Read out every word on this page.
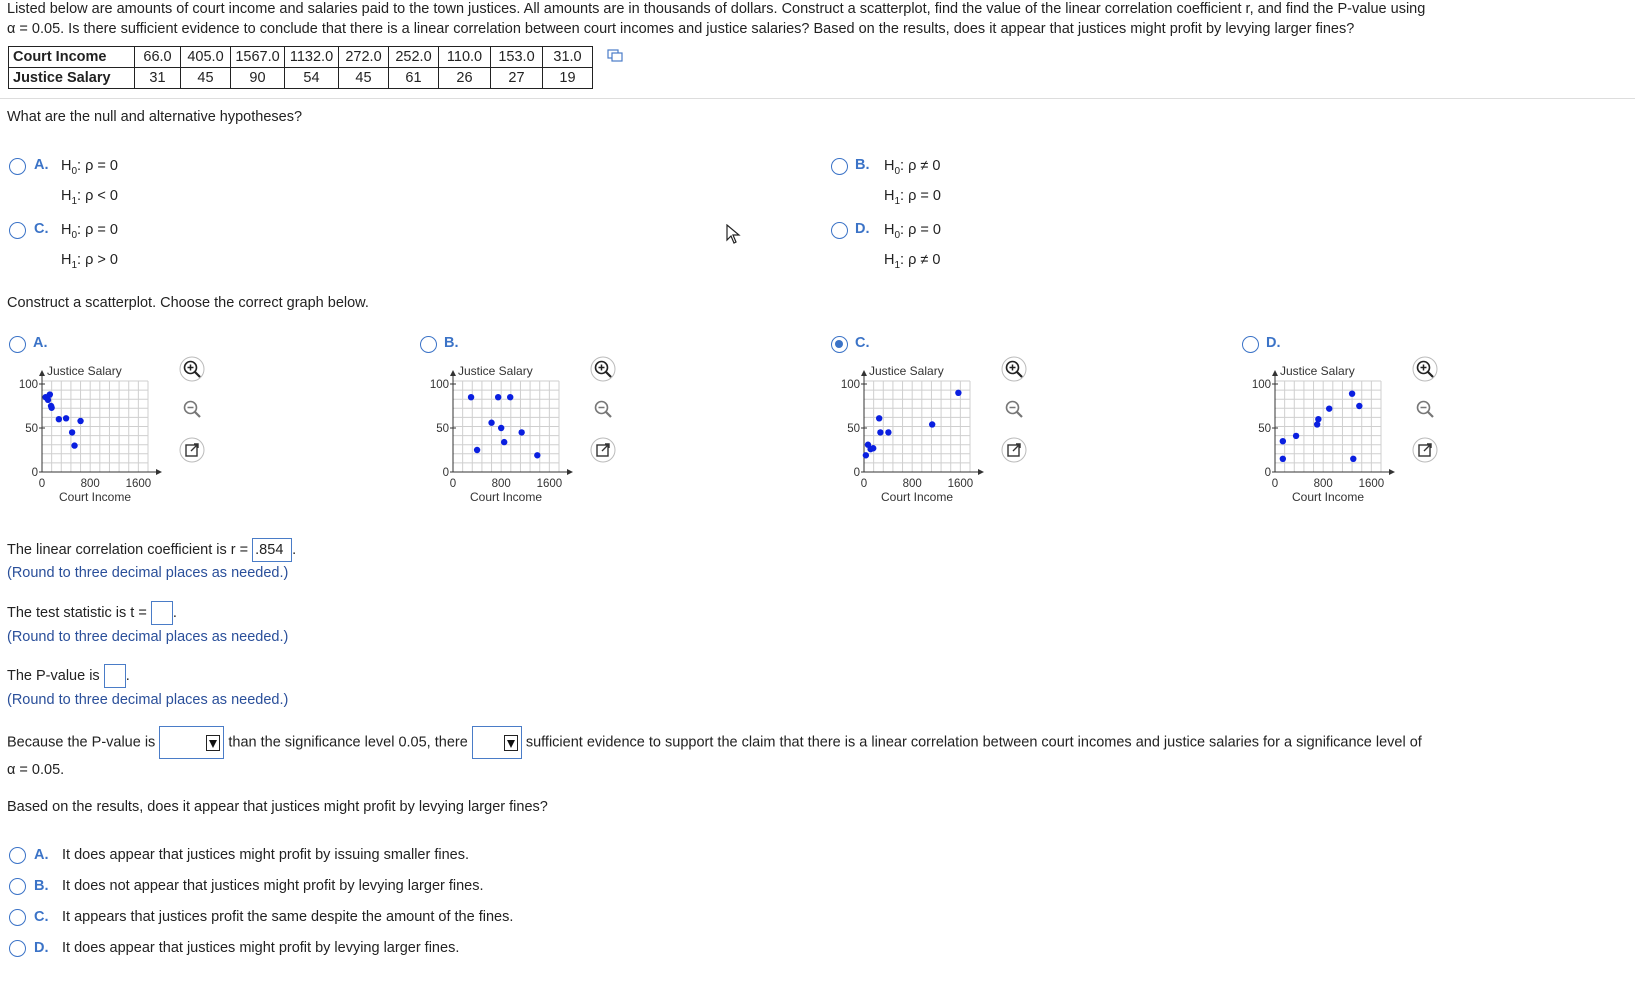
Listed below are amounts of court income and salaries paid to the town justices. All amounts are in thousands of dollars. Construct a scatterplot, find the value of the linear correlation coefficient r, and find the P-value using
α = 0.05. Is there sufficient evidence to conclude that there is a linear correlation between court incomes and justice salaries? Based on the results, does it appear that justices might profit by levying larger fines?
Court Income	66.0	405.0	1567.0	1132.0	272.0	252.0	110.0	153.0	31.0
Justice Salary	31	45	90	54	45	61	26	27	19
What are the null and alternative hypotheses?
A. $H_0$: ρ = 0
$H_1$: ρ < 0
B. $H_0$: ρ ≠ 0
$H_1$: ρ = 0
C. $H_0$: ρ = 0
$H_1$: ρ > 0
D. $H_0$: ρ = 0
$H_1$: ρ ≠ 0
Construct a scatterplot. Choose the correct graph below.
A.
100
50
0
0	800 1600
Justice Salary
Court Income
B.
100
50
0
0	800 1600
Justice Salary
Court Income
C.
100
50
0
0	800 1600
Justice Salary
Court Income
D.
100
50
0
0	800 1600
Justice Salary
Court Income
The linear correlation coefficient is r = .854 .
(Round to three decimal places as needed.)
The test statistic is t = .
(Round to three decimal places as needed.)
The P-value is .
(Round to three decimal places as needed.)
Because the P-value is	than the significance level 0.05, there	sufficient evidence to support the claim that there is a linear correlation between court incomes and justice salaries for a significance level of
α = 0.05.
Based on the results, does it appear that justices might profit by levying larger fines?
A. It does appear that justices might profit by issuing smaller fines.
B. It does not appear that justices might profit by levying larger fines.
C. It appears that justices profit the same despite the amount of the fines.
D. It does appear that justices might profit by levying larger fines.
